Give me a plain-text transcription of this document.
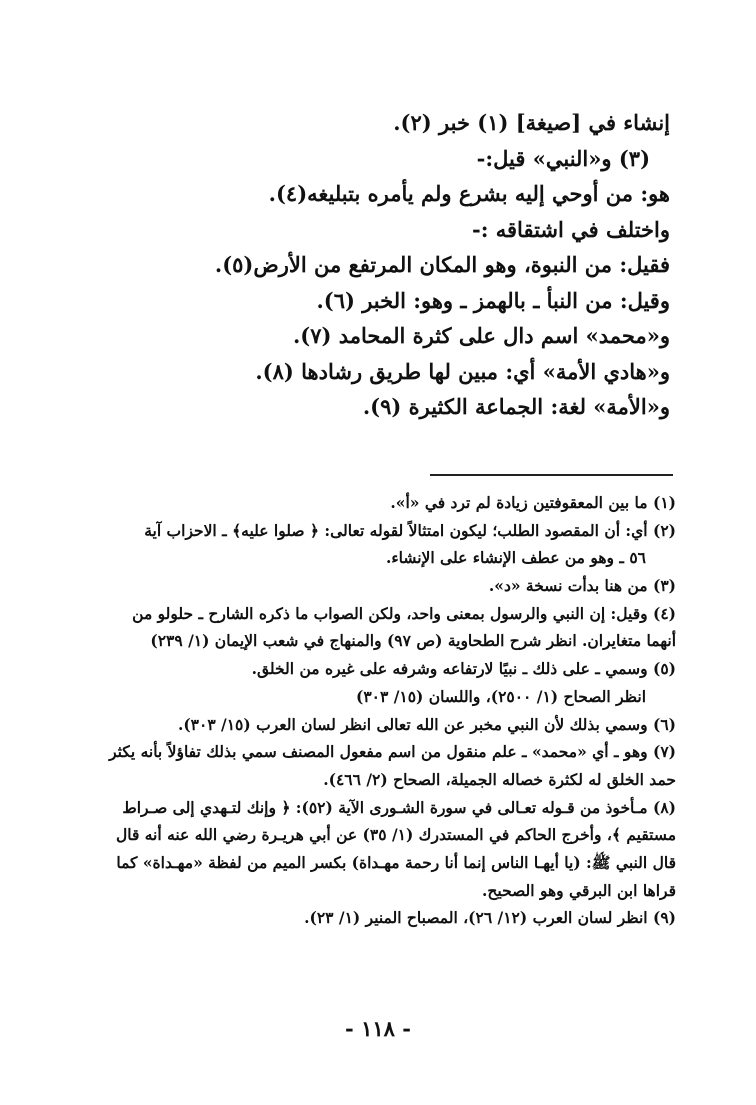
إنشاء في [صيغة] (١) خبر (٢).
(٣) و«النبي» قيل:-
هو: من أوحي إليه بشرع ولم يأمره بتبليغه(٤).
واختلف في اشتقاقه :-
فقيل: من النبوة، وهو المكان المرتفع من الأرض(٥).
وقيل: من النبأ ـ بالهمز ـ وهو: الخبر (٦).
و«محمد» اسم دال على كثرة المحامد (٧).
و«هادي الأمة» أي: مبين لها طريق رشادها (٨).
و«الأمة» لغة: الجماعة الكثيرة (٩).
(١) ما بين المعقوفتين زيادة لم ترد في «أ».
(٢) أي: أن المقصود الطلب؛ ليكون امتثالاً لقوله تعالى: ﴿ صلوا عليه﴾ ـ الاحزاب آية
٥٦ ـ وهو من عطف الإنشاء على الإنشاء.
(٣) من هنا بدأت نسخة «د».
(٤) وقيل: إن النبي والرسول بمعنى واحد، ولكن الصواب ما ذكره الشارح ـ حلولو من
أنهما متغايران. انظر شرح الطحاوية (ص ٩٧) والمنهاج في شعب الإيمان (١/ ٢٣٩)
(٥) وسمي ـ على ذلك ـ نبيًا لارتفاعه وشرفه على غيره من الخلق.
انظر الصحاح (١/ ٢٥٠٠)، واللسان (١٥/ ٣٠٣)
(٦) وسمي بذلك لأن النبي مخبر عن الله تعالى انظر لسان العرب (١٥/ ٣٠٣).
(٧) وهو ـ أي «محمد» ـ علم منقول من اسم مفعول المصنف سمي بذلك تفاؤلاً بأنه يكثر
حمد الخلق له لكثرة خصاله الجميلة، الصحاح (٢/ ٤٦٦).
(٨) مـأخوذ من قـوله تعـالى في سورة الشـورى الآية (٥٢): ﴿ وإنك لتـهدي إلى صـراط
مستقيم ﴾، وأخرج الحاكم في المستدرك (١/ ٣٥) عن أبي هريـرة رضي الله عنه أنه قال
قال النبي ﷺ: (يا أيهـا الناس إنما أنا رحمة مهـداة) بكسر الميم من لفظة «مهـداة» كما
قراها ابن البرقي وهو الصحيح.
(٩) انظر لسان العرب (١٢/ ٢٦)، المصباح المنير (١/ ٢٣).
- ١١٨ -
